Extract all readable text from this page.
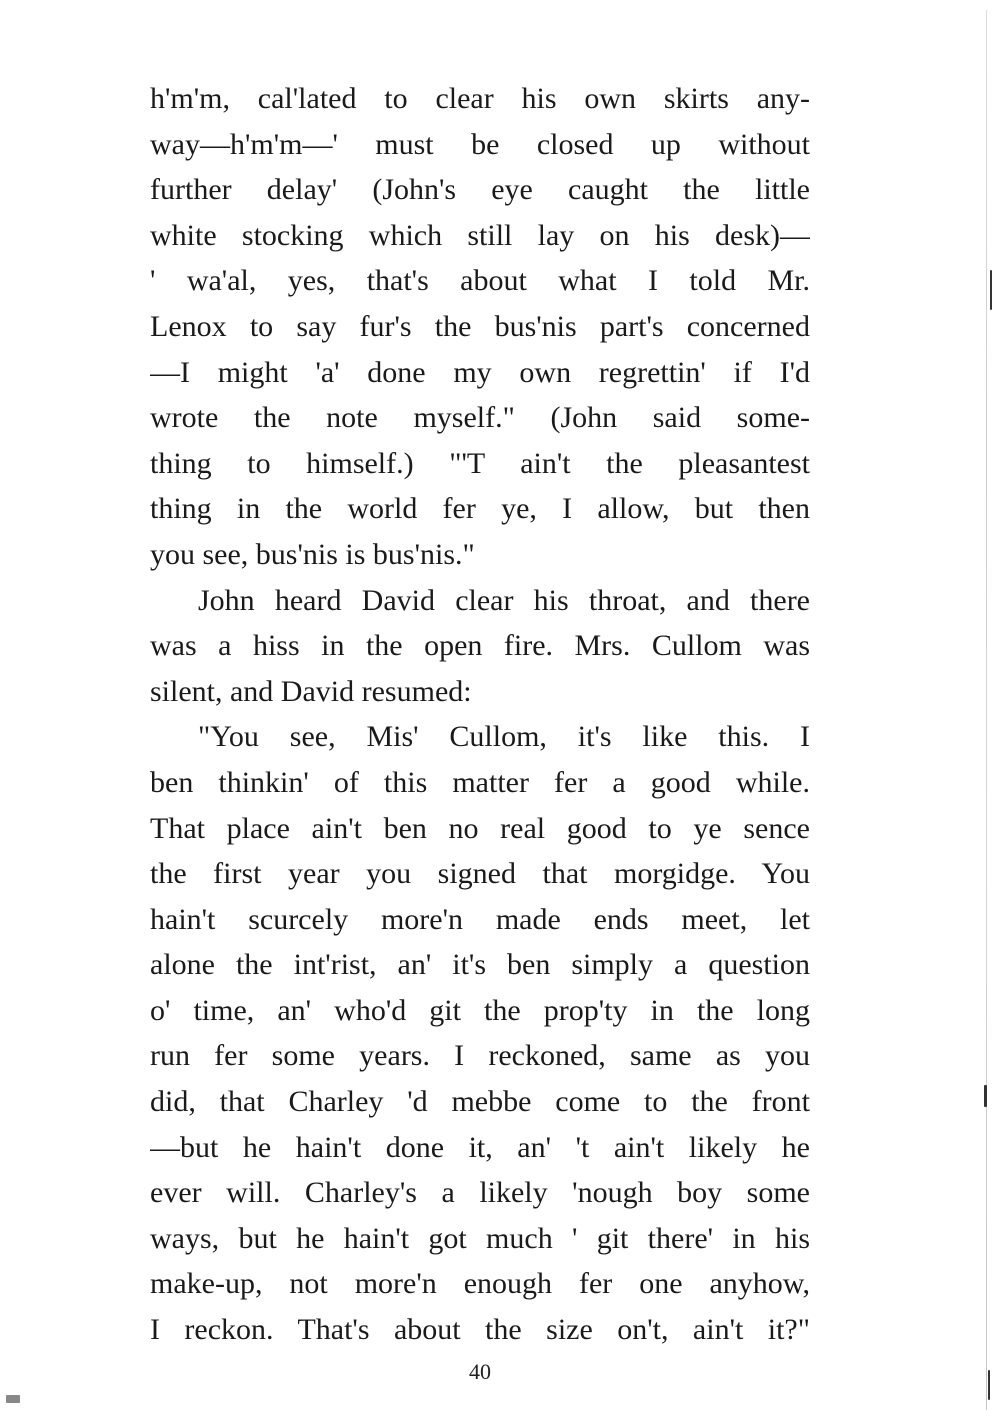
h'm'm, cal'lated to clear his own skirts any-
way—h'm'm—' must be closed up without
further delay' (John's eye caught the little
white stocking which still lay on his desk)—
' wa'al, yes, that's about what I told Mr.
Lenox to say fur's the bus'nis part's concerned
—I might 'a' done my own regrettin' if I'd
wrote the note myself." (John said some-
thing to himself.) "'T ain't the pleasantest
thing in the world fer ye, I allow, but then
you see, bus'nis is bus'nis."
John heard David clear his throat, and there
was a hiss in the open fire. Mrs. Cullom was
silent, and David resumed:
"You see, Mis' Cullom, it's like this. I
ben thinkin' of this matter fer a good while.
That place ain't ben no real good to ye sence
the first year you signed that morgidge. You
hain't scurcely more'n made ends meet, let
alone the int'rist, an' it's ben simply a question
o' time, an' who'd git the prop'ty in the long
run fer some years. I reckoned, same as you
did, that Charley 'd mebbe come to the front
—but he hain't done it, an' 't ain't likely he
ever will. Charley's a likely 'nough boy some
ways, but he hain't got much ' git there' in his
make-up, not more'n enough fer one anyhow,
I reckon. That's about the size on't, ain't it?"
40
